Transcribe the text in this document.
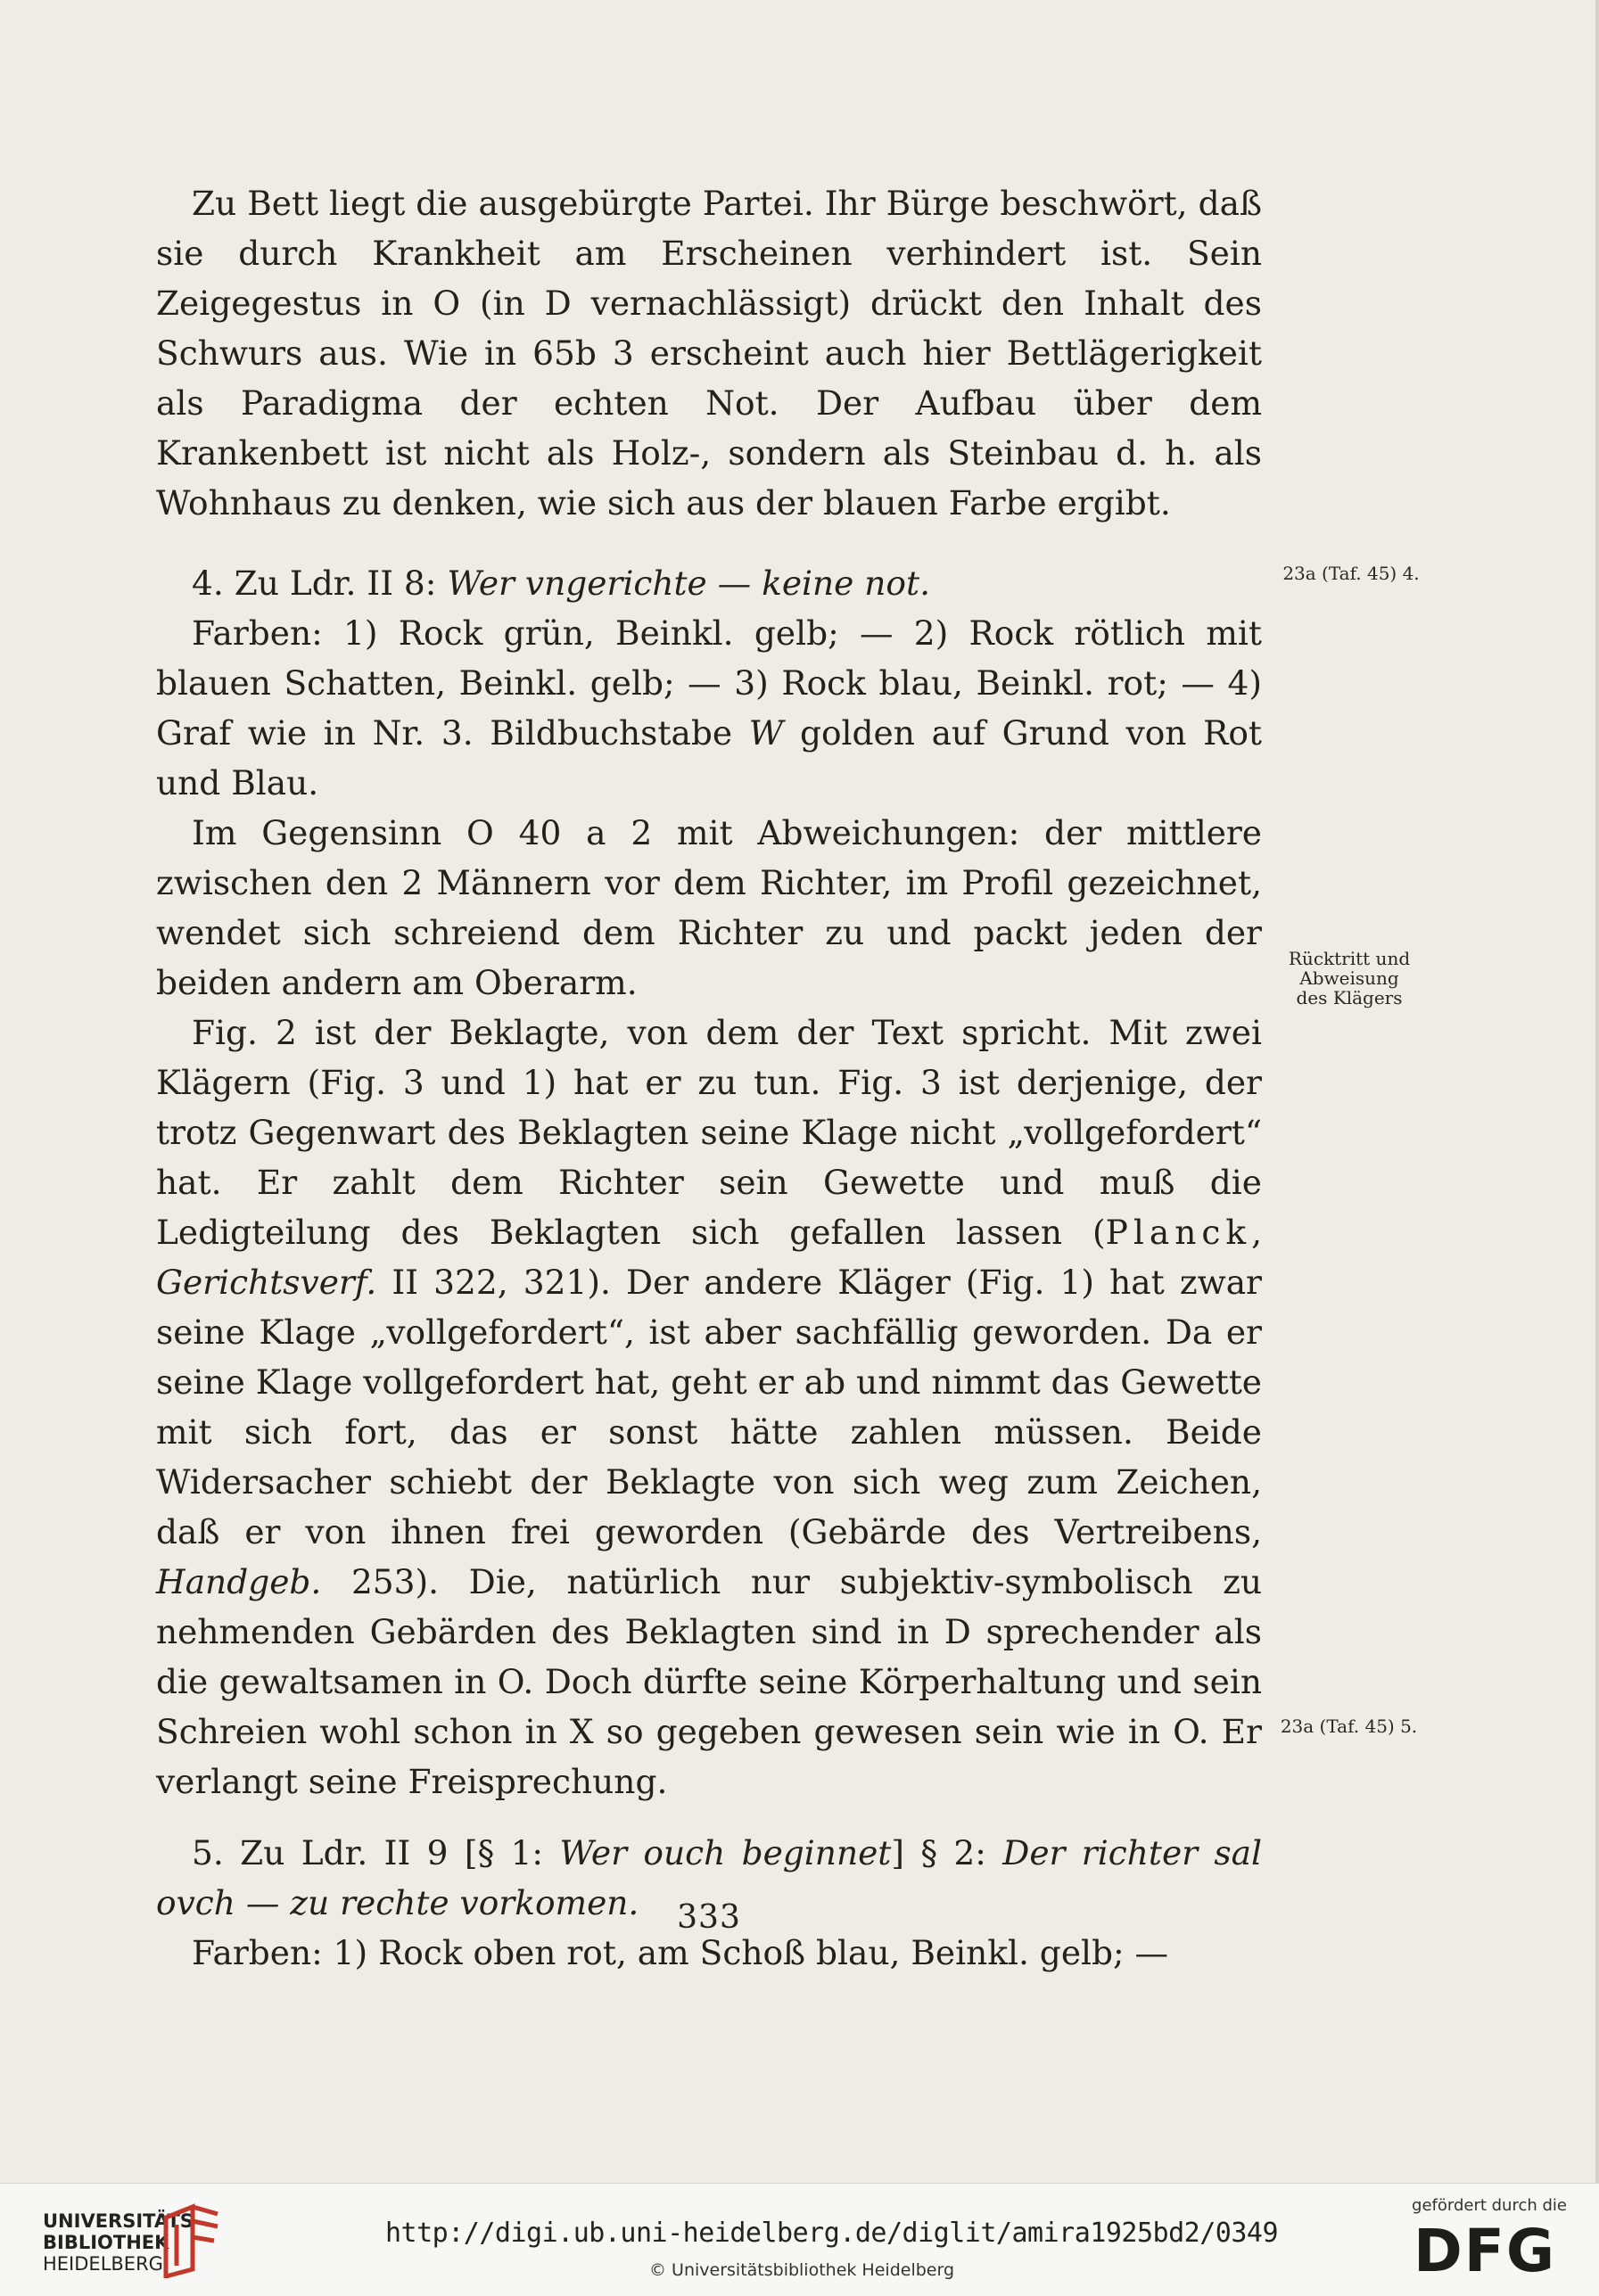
Zu Bett liegt die ausgebürgte Partei. Ihr Bürge beschwört, daß sie durch Krankheit am Erscheinen verhindert ist. Sein Zeigegestus in O (in D vernachlässigt) drückt den Inhalt des Schwurs aus. Wie in 65b 3 erscheint auch hier Bettlägerigkeit als Paradigma der echten Not. Der Aufbau über dem Krankenbett ist nicht als Holz-, sondern als Steinbau d. h. als Wohnhaus zu denken, wie sich aus der blauen Farbe ergibt.

4. Zu Ldr. II 8: Wer vngerichte — keine not.

Farben: 1) Rock grün, Beinkl. gelb; — 2) Rock rötlich mit blauen Schatten, Beinkl. gelb; — 3) Rock blau, Beinkl. rot; — 4) Graf wie in Nr. 3. Bildbuchstabe W golden auf Grund von Rot und Blau.

Im Gegensinn O 40 a 2 mit Abweichungen: der mittlere zwischen den 2 Männern vor dem Richter, im Profil gezeichnet, wendet sich schreiend dem Richter zu und packt jeden der beiden andern am Oberarm.

Fig. 2 ist der Beklagte, von dem der Text spricht. Mit zwei Klägern (Fig. 3 und 1) hat er zu tun. Fig. 3 ist derjenige, der trotz Gegenwart des Beklagten seine Klage nicht „vollgefordert“ hat. Er zahlt dem Richter sein Gewette und muß die Ledigteilung des Beklagten sich gefallen lassen (Planck, Gerichtsverf. II 322, 321). Der andere Kläger (Fig. 1) hat zwar seine Klage „vollgefordert“, ist aber sachfällig geworden. Da er seine Klage vollgefordert hat, geht er ab und nimmt das Gewette mit sich fort, das er sonst hätte zahlen müssen. Beide Widersacher schiebt der Beklagte von sich weg zum Zeichen, daß er von ihnen frei geworden (Gebärde des Vertreibens, Handgeb. 253). Die, natürlich nur subjektiv-symbolisch zu nehmenden Gebärden des Beklagten sind in D sprechender als die gewaltsamen in O. Doch dürfte seine Körperhaltung und sein Schreien wohl schon in X so gegeben gewesen sein wie in O. Er verlangt seine Freisprechung.

5. Zu Ldr. II 9 [§ 1: Wer ouch beginnet] § 2: Der richter sal ovch — zu rechte vorkomen.

Farben: 1) Rock oben rot, am Schoß blau, Beinkl. gelb; —

23a (Taf. 45) 4.
Rücktritt und
Abweisung
des Klägers
23a (Taf. 45) 5.
333
UNIVERSITÄTS-
BIBLIOTHEK
HEIDELBERG
http://digi.ub.uni-heidelberg.de/diglit/amira1925bd2/0349
© Universitätsbibliothek Heidelberg
gefördert durch die
DFG
